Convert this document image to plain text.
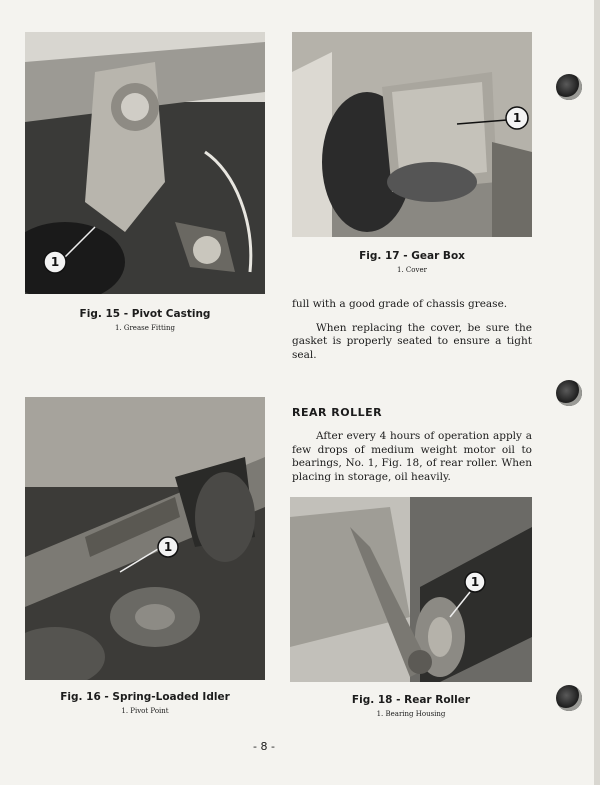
1
Fig. 15 - Pivot Casting
1. Grease Fitting
1
Fig. 17 - Gear Box
1. Cover

full with a good grade of chassis grease.

When replacing the cover, be sure the gasket is properly seated to ensure a tight seal.

REAR ROLLER

After every 4 hours of operation apply a few drops of medium weight motor oil to bearings, No. 1, Fig. 18, of rear roller. When placing in storage, oil heavily.

1
Fig. 16 - Spring-Loaded Idler
1. Pivot Point
1
Fig. 18 - Rear Roller
1. Bearing Housing
- 8 -
